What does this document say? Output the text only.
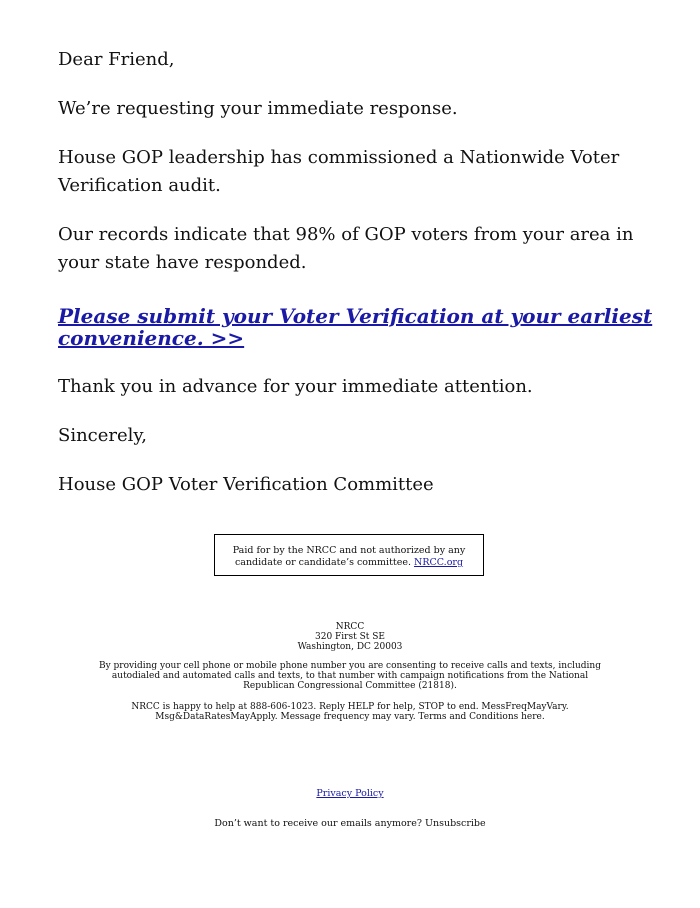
Dear Friend,

We’re requesting your immediate response.

House GOP leadership has commissioned a Nationwide Voter Verification audit.

Our records indicate that 98% of GOP voters from your area in your state have responded.

Please submit your Voter Verification at your earliest convenience. >>

Thank you in advance for your immediate attention.

Sincerely,

House GOP Voter Verification Committee

Paid for by the NRCC and not authorized by any candidate or candidate’s committee. NRCC.org
NRCC
320 First St SE
Washington, DC 20003
By providing your cell phone or mobile phone number you are consenting to receive calls and texts, including autodialed and automated calls and texts, to that number with campaign notifications from the National Republican Congressional Committee (21818).
NRCC is happy to help at 888-606-1023. Reply HELP for help, STOP to end. MessFreqMayVary. Msg&DataRatesMayApply. Message frequency may vary. Terms and Conditions here.
Privacy Policy
Don’t want to receive our emails anymore? Unsubscribe
